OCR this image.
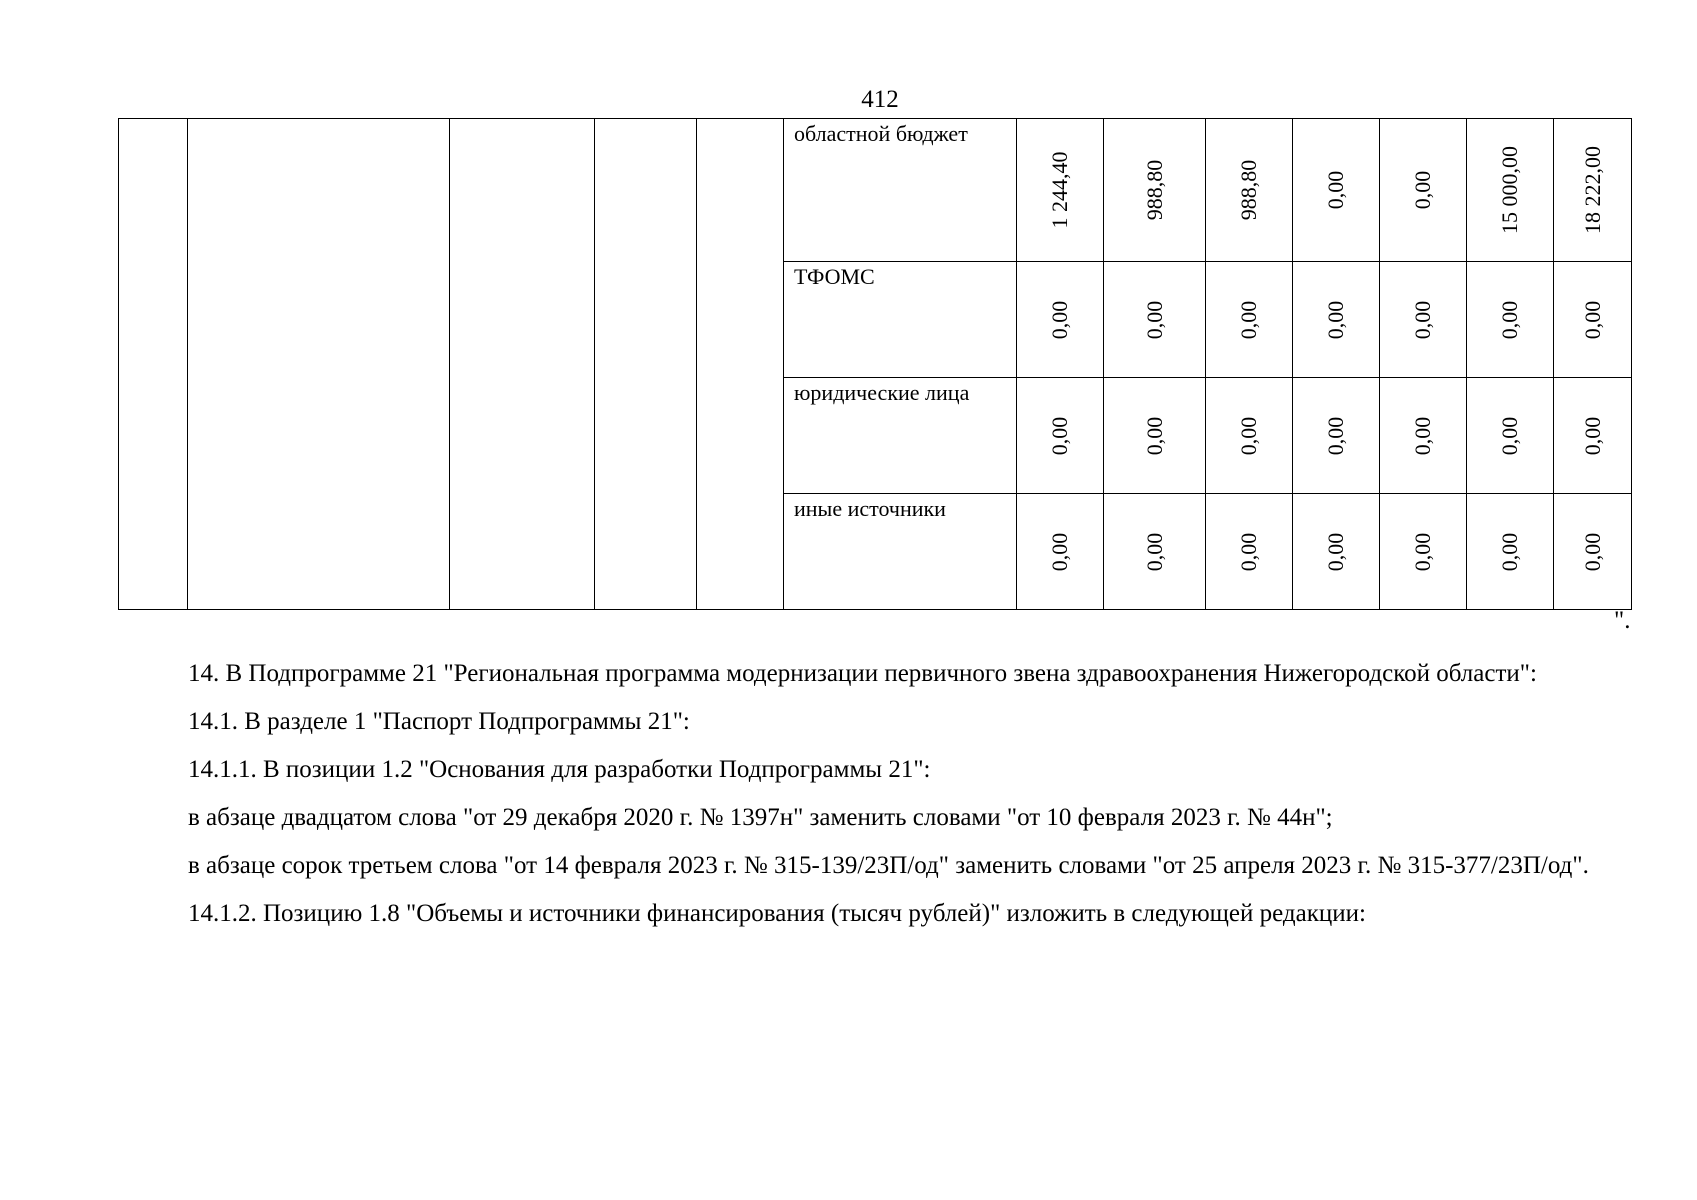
412

					областной бюджет	1 244,40	988,80	988,80	0,00	0,00	15 000,00	18 222,00

					ТФОМС	0,00	0,00	0,00	0,00	0,00	0,00	0,00

					юридические лица	0,00	0,00	0,00	0,00	0,00	0,00	0,00

					иные источники	0,00	0,00	0,00	0,00	0,00	0,00	0,00
".

14. В Подпрограмме 21 "Региональная программа модернизации первичного звена здравоохранения Нижегородской области":

14.1. В разделе 1 "Паспорт Подпрограммы 21":

14.1.1. В позиции 1.2 "Основания для разработки Подпрограммы 21":

в абзаце двадцатом слова "от 29 декабря 2020 г. № 1397н" заменить словами "от 10 февраля 2023 г. № 44н";

в абзаце сорок третьем слова "от 14 февраля 2023 г. № 315-139/23П/од" заменить словами "от 25 апреля 2023 г. № 315-377/23П/од".

14.1.2. Позицию 1.8 "Объемы и источники финансирования (тысяч рублей)" изложить в следующей редакции:
